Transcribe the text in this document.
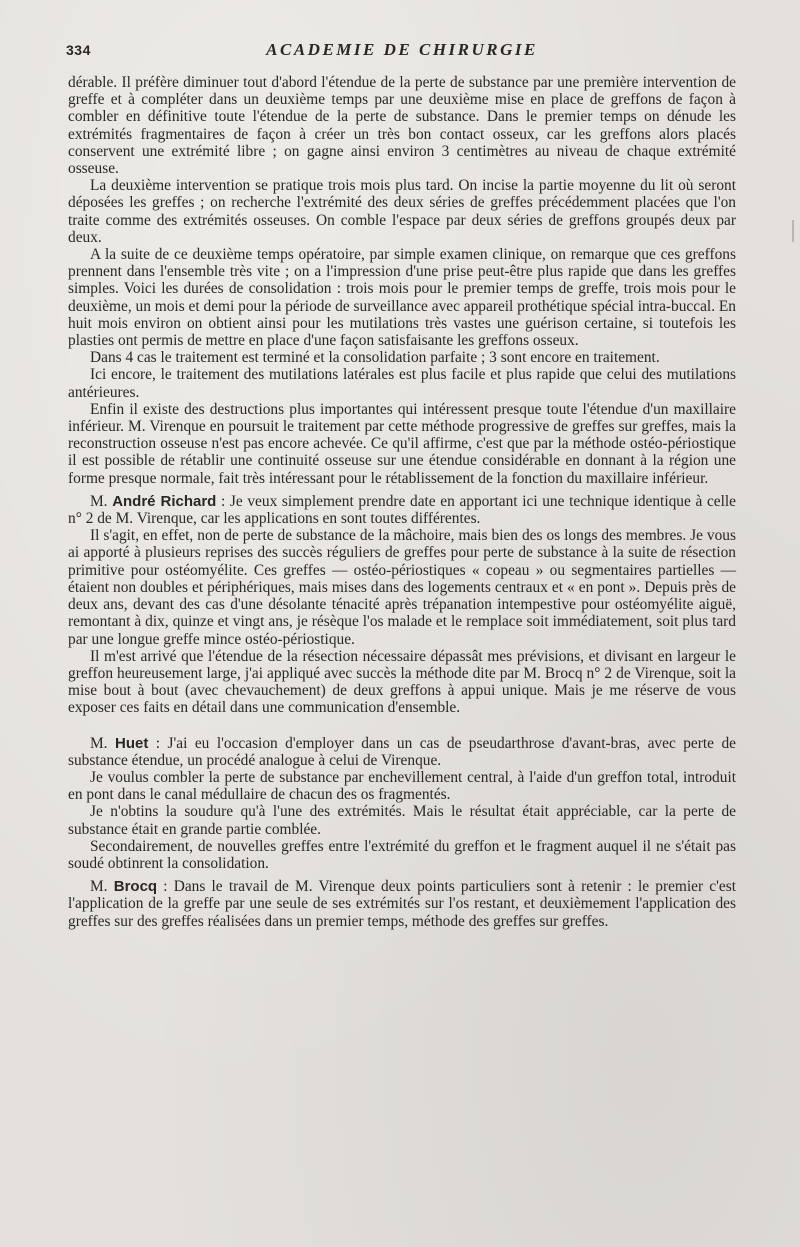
334	ACADEMIE DE CHIRURGIE

dérable. Il préfère diminuer tout d'abord l'étendue de la perte de substance par une première intervention de greffe et à compléter dans un deuxième temps par une deuxième mise en place de greffons de façon à combler en définitive toute l'étendue de la perte de substance. Dans le premier temps on dénude les extrémités fragmentaires de façon à créer un très bon contact osseux, car les greffons alors placés conservent une extrémité libre ; on gagne ainsi environ 3 centimètres au niveau de chaque extrémité osseuse.

La deuxième intervention se pratique trois mois plus tard. On incise la partie moyenne du lit où seront déposées les greffes ; on recherche l'extrémité des deux séries de greffes précédemment placées que l'on traite comme des extrémités osseuses. On comble l'espace par deux séries de greffons groupés deux par deux.

A la suite de ce deuxième temps opératoire, par simple examen clinique, on remarque que ces greffons prennent dans l'ensemble très vite ; on a l'impression d'une prise peut-être plus rapide que dans les greffes simples. Voici les durées de consolidation : trois mois pour le premier temps de greffe, trois mois pour le deuxième, un mois et demi pour la période de surveillance avec appareil prothétique spécial intra-buccal. En huit mois environ on obtient ainsi pour les mutilations très vastes une guérison certaine, si toutefois les plasties ont permis de mettre en place d'une façon satisfaisante les greffons osseux.

Dans 4 cas le traitement est terminé et la consolidation parfaite ; 3 sont encore en traitement.

Ici encore, le traitement des mutilations latérales est plus facile et plus rapide que celui des mutilations antérieures.

Enfin il existe des destructions plus importantes qui intéressent presque toute l'étendue d'un maxillaire inférieur. M. Virenque en poursuit le traitement par cette méthode progressive de greffes sur greffes, mais la reconstruction osseuse n'est pas encore achevée. Ce qu'il affirme, c'est que par la méthode ostéo-périostique il est possible de rétablir une continuité osseuse sur une étendue considérable en donnant à la région une forme presque normale, fait très intéressant pour le rétablissement de la fonction du maxillaire inférieur.

M. André Richard : Je veux simplement prendre date en apportant ici une technique identique à celle n° 2 de M. Virenque, car les applications en sont toutes différentes.

Il s'agit, en effet, non de perte de substance de la mâchoire, mais bien des os longs des membres. Je vous ai apporté à plusieurs reprises des succès réguliers de greffes pour perte de substance à la suite de résection primitive pour ostéomyélite. Ces greffes — ostéo-périostiques « copeau » ou segmentaires partielles — étaient non doubles et périphériques, mais mises dans des logements centraux et « en pont ». Depuis près de deux ans, devant des cas d'une désolante ténacité après trépanation intempestive pour ostéomyélite aiguë, remontant à dix, quinze et vingt ans, je résèque l'os malade et le remplace soit immédiatement, soit plus tard par une longue greffe mince ostéo-périostique.

Il m'est arrivé que l'étendue de la résection nécessaire dépassât mes prévisions, et divisant en largeur le greffon heureusement large, j'ai appliqué avec succès la méthode dite par M. Brocq n° 2 de Virenque, soit la mise bout à bout (avec chevauchement) de deux greffons à appui unique. Mais je me réserve de vous exposer ces faits en détail dans une communication d'ensemble.

M. Huet : J'ai eu l'occasion d'employer dans un cas de pseudarthrose d'avant-bras, avec perte de substance étendue, un procédé analogue à celui de Virenque.

Je voulus combler la perte de substance par enchevillement central, à l'aide d'un greffon total, introduit en pont dans le canal médullaire de chacun des os fragmentés.

Je n'obtins la soudure qu'à l'une des extrémités. Mais le résultat était appréciable, car la perte de substance était en grande partie comblée.

Secondairement, de nouvelles greffes entre l'extrémité du greffon et le fragment auquel il ne s'était pas soudé obtinrent la consolidation.

M. Brocq : Dans le travail de M. Virenque deux points particuliers sont à retenir : le premier c'est l'application de la greffe par une seule de ses extrémités sur l'os restant, et deuxièmement l'application des greffes sur des greffes réalisées dans un premier temps, méthode des greffes sur greffes.
